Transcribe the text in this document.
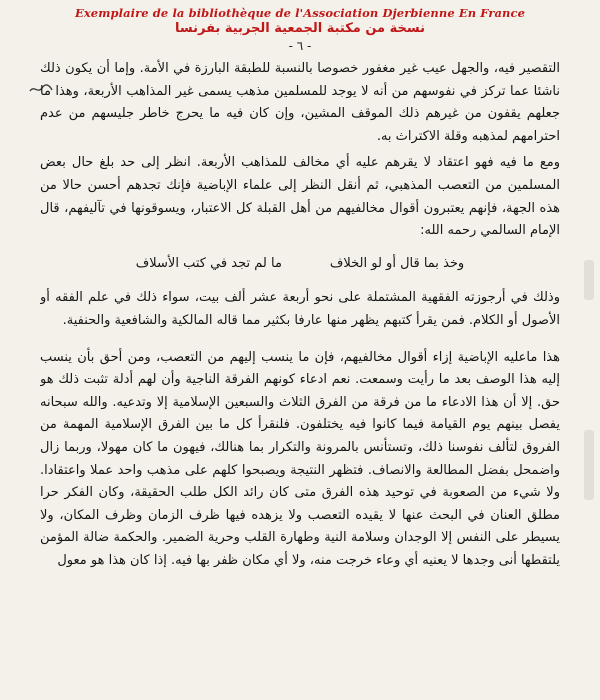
Exemplaire de la bibliothèque de l'Association Djerbienne En France
نسخة من مكتبة الجمعية الجربية بفرنسا
- ٦ -

التقصير فيه، والجهل عيب غير مغفور خصوصا بالنسبة للطبقة البارزة في الأمة. وإما أن يكون ذلك ناشئا عما تركز في نفوسهم من أنه لا يوجد للمسلمين مذهب يسمى غير المذاهب الأربعة، وهذا ما جعلهم يقفون من غيرهم ذلك الموقف المشين، وإن كان فيه ما يحرج خاطر جليسهم من عدم احترامهم لمذهبه وقلة الاكتراث به.

ومع ما فيه فهو اعتقاد لا يقرهم عليه أي مخالف للمذاهب الأربعة. انظر إلى حد بلغ حال بعض المسلمين من التعصب المذهبي، ثم أنقل النظر إلى علماء الإباضية فإنك تجدهم أحسن حالا من هذه الجهة، فإنهم يعتبرون أقوال مخالفيهم من أهل القبلة كل الاعتبار، ويسوقونها في تآليفهم، قال الإمام السالمي رحمه الله:

وخذ بما قال أو لو الخلاف
ما لم تجد في كتب الأسلاف

وذلك في أرجوزته الفقهية المشتملة على نحو أربعة عشر ألف بيت، سواء ذلك في علم الفقه أو الأصول أو الكلام. فمن يقرأ كتبهم يظهر منها عارفا بكثير مما قاله المالكية والشافعية والحنفية.

هذا ماعليه الإباضية إزاء أقوال مخالفيهم، فإن ما ينسب إليهم من التعصب، ومن أحق بأن ينسب إليه هذا الوصف بعد ما رأيت وسمعت. نعم ادعاء كونهم الفرقة الناجية وأن لهم أدلة تثبت ذلك هو حق. إلا أن هذا الادعاء ما من فرقة من الفرق الثلاث والسبعين الإسلامية إلا وتدعيه. والله سبحانه يفصل بينهم يوم القيامة فيما كانوا فيه يختلفون. فلنقرأ كل ما بين الفرق الإسلامية المهمة من الفروق لتألف نفوسنا ذلك، وتستأنس بالمرونة والتكرار بما هنالك، فيهون ما كان مهولا، وربما زال واضمحل بفضل المطالعة والانصاف. فتظهر النتيجة ويصبحوا كلهم على مذهب واحد عملا واعتقادا. ولا شيء من الصعوبة في توحيد هذه الفرق متى كان رائد الكل طلب الحقيقة، وكان الفكر حرا مطلق العنان في البحث عنها لا يقيده التعصب ولا يزهده فيها ظرف الزمان وظرف المكان، ولا يسيطر على النفس إلا الوجدان وسلامة النية وطهارة القلب وحرية الضمير. والحكمة ضالة المؤمن يلتقطها أنى وجدها لا يعنيه أي وعاء خرجت منه، ولا أي مكان ظفر بها فيه. إذا كان هذا هو معول
